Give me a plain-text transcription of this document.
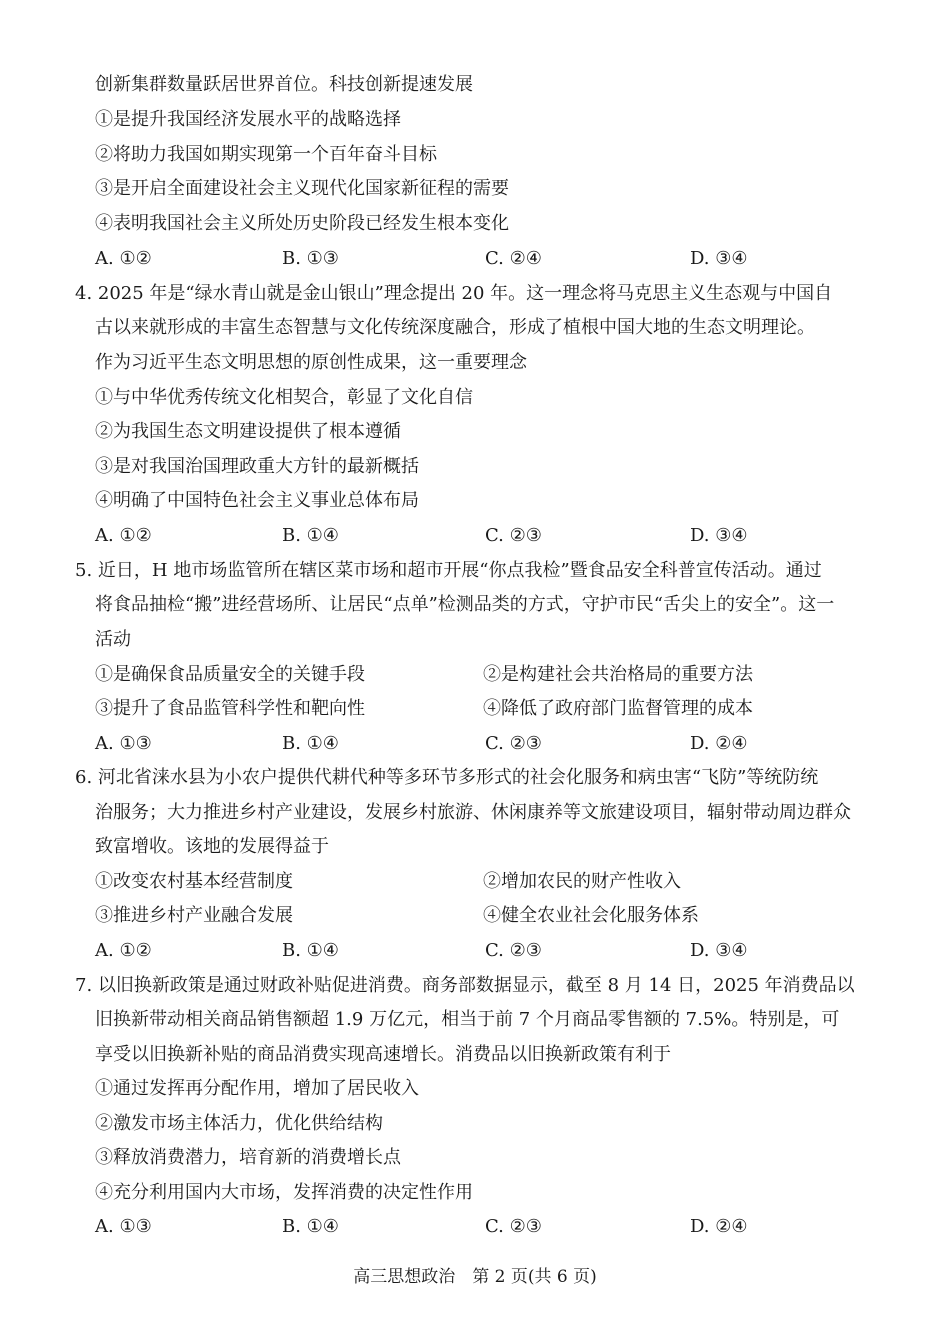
创新集群数量跃居世界首位。科技创新提速发展
①是提升我国经济发展水平的战略选择
②将助力我国如期实现第一个百年奋斗目标
③是开启全面建设社会主义现代化国家新征程的需要
④表明我国社会主义所处历史阶段已经发生根本变化
A. ①②	B. ①③	C. ②④	D. ③④
4. 2025 年是“绿水青山就是金山银山”理念提出 20 年。这一理念将马克思主义生态观与中国自
古以来就形成的丰富生态智慧与文化传统深度融合，形成了植根中国大地的生态文明理论。
作为习近平生态文明思想的原创性成果，这一重要理念
①与中华优秀传统文化相契合，彰显了文化自信
②为我国生态文明建设提供了根本遵循
③是对我国治国理政重大方针的最新概括
④明确了中国特色社会主义事业总体布局
A. ①②	B. ①④	C. ②③	D. ③④
5. 近日，H 地市场监管所在辖区菜市场和超市开展“你点我检”暨食品安全科普宣传活动。通过
将食品抽检“搬”进经营场所、让居民“点单”检测品类的方式，守护市民“舌尖上的安全”。这一
活动
①是确保食品质量安全的关键手段	②是构建社会共治格局的重要方法
③提升了食品监管科学性和靶向性	④降低了政府部门监督管理的成本
A. ①③	B. ①④	C. ②③	D. ②④
6. 河北省涞水县为小农户提供代耕代种等多环节多形式的社会化服务和病虫害“飞防”等统防统
治服务；大力推进乡村产业建设，发展乡村旅游、休闲康养等文旅建设项目，辐射带动周边群众
致富增收。该地的发展得益于
①改变农村基本经营制度	②增加农民的财产性收入
③推进乡村产业融合发展	④健全农业社会化服务体系
A. ①②	B. ①④	C. ②③	D. ③④
7. 以旧换新政策是通过财政补贴促进消费。商务部数据显示，截至 8 月 14 日，2025 年消费品以
旧换新带动相关商品销售额超 1.9 万亿元，相当于前 7 个月商品零售额的 7.5%。特别是，可
享受以旧换新补贴的商品消费实现高速增长。消费品以旧换新政策有利于
①通过发挥再分配作用，增加了居民收入
②激发市场主体活力，优化供给结构
③释放消费潜力，培育新的消费增长点
④充分利用国内大市场，发挥消费的决定性作用
A. ①③	B. ①④	C. ②③	D. ②④
高三思想政治　第 2 页(共 6 页)
